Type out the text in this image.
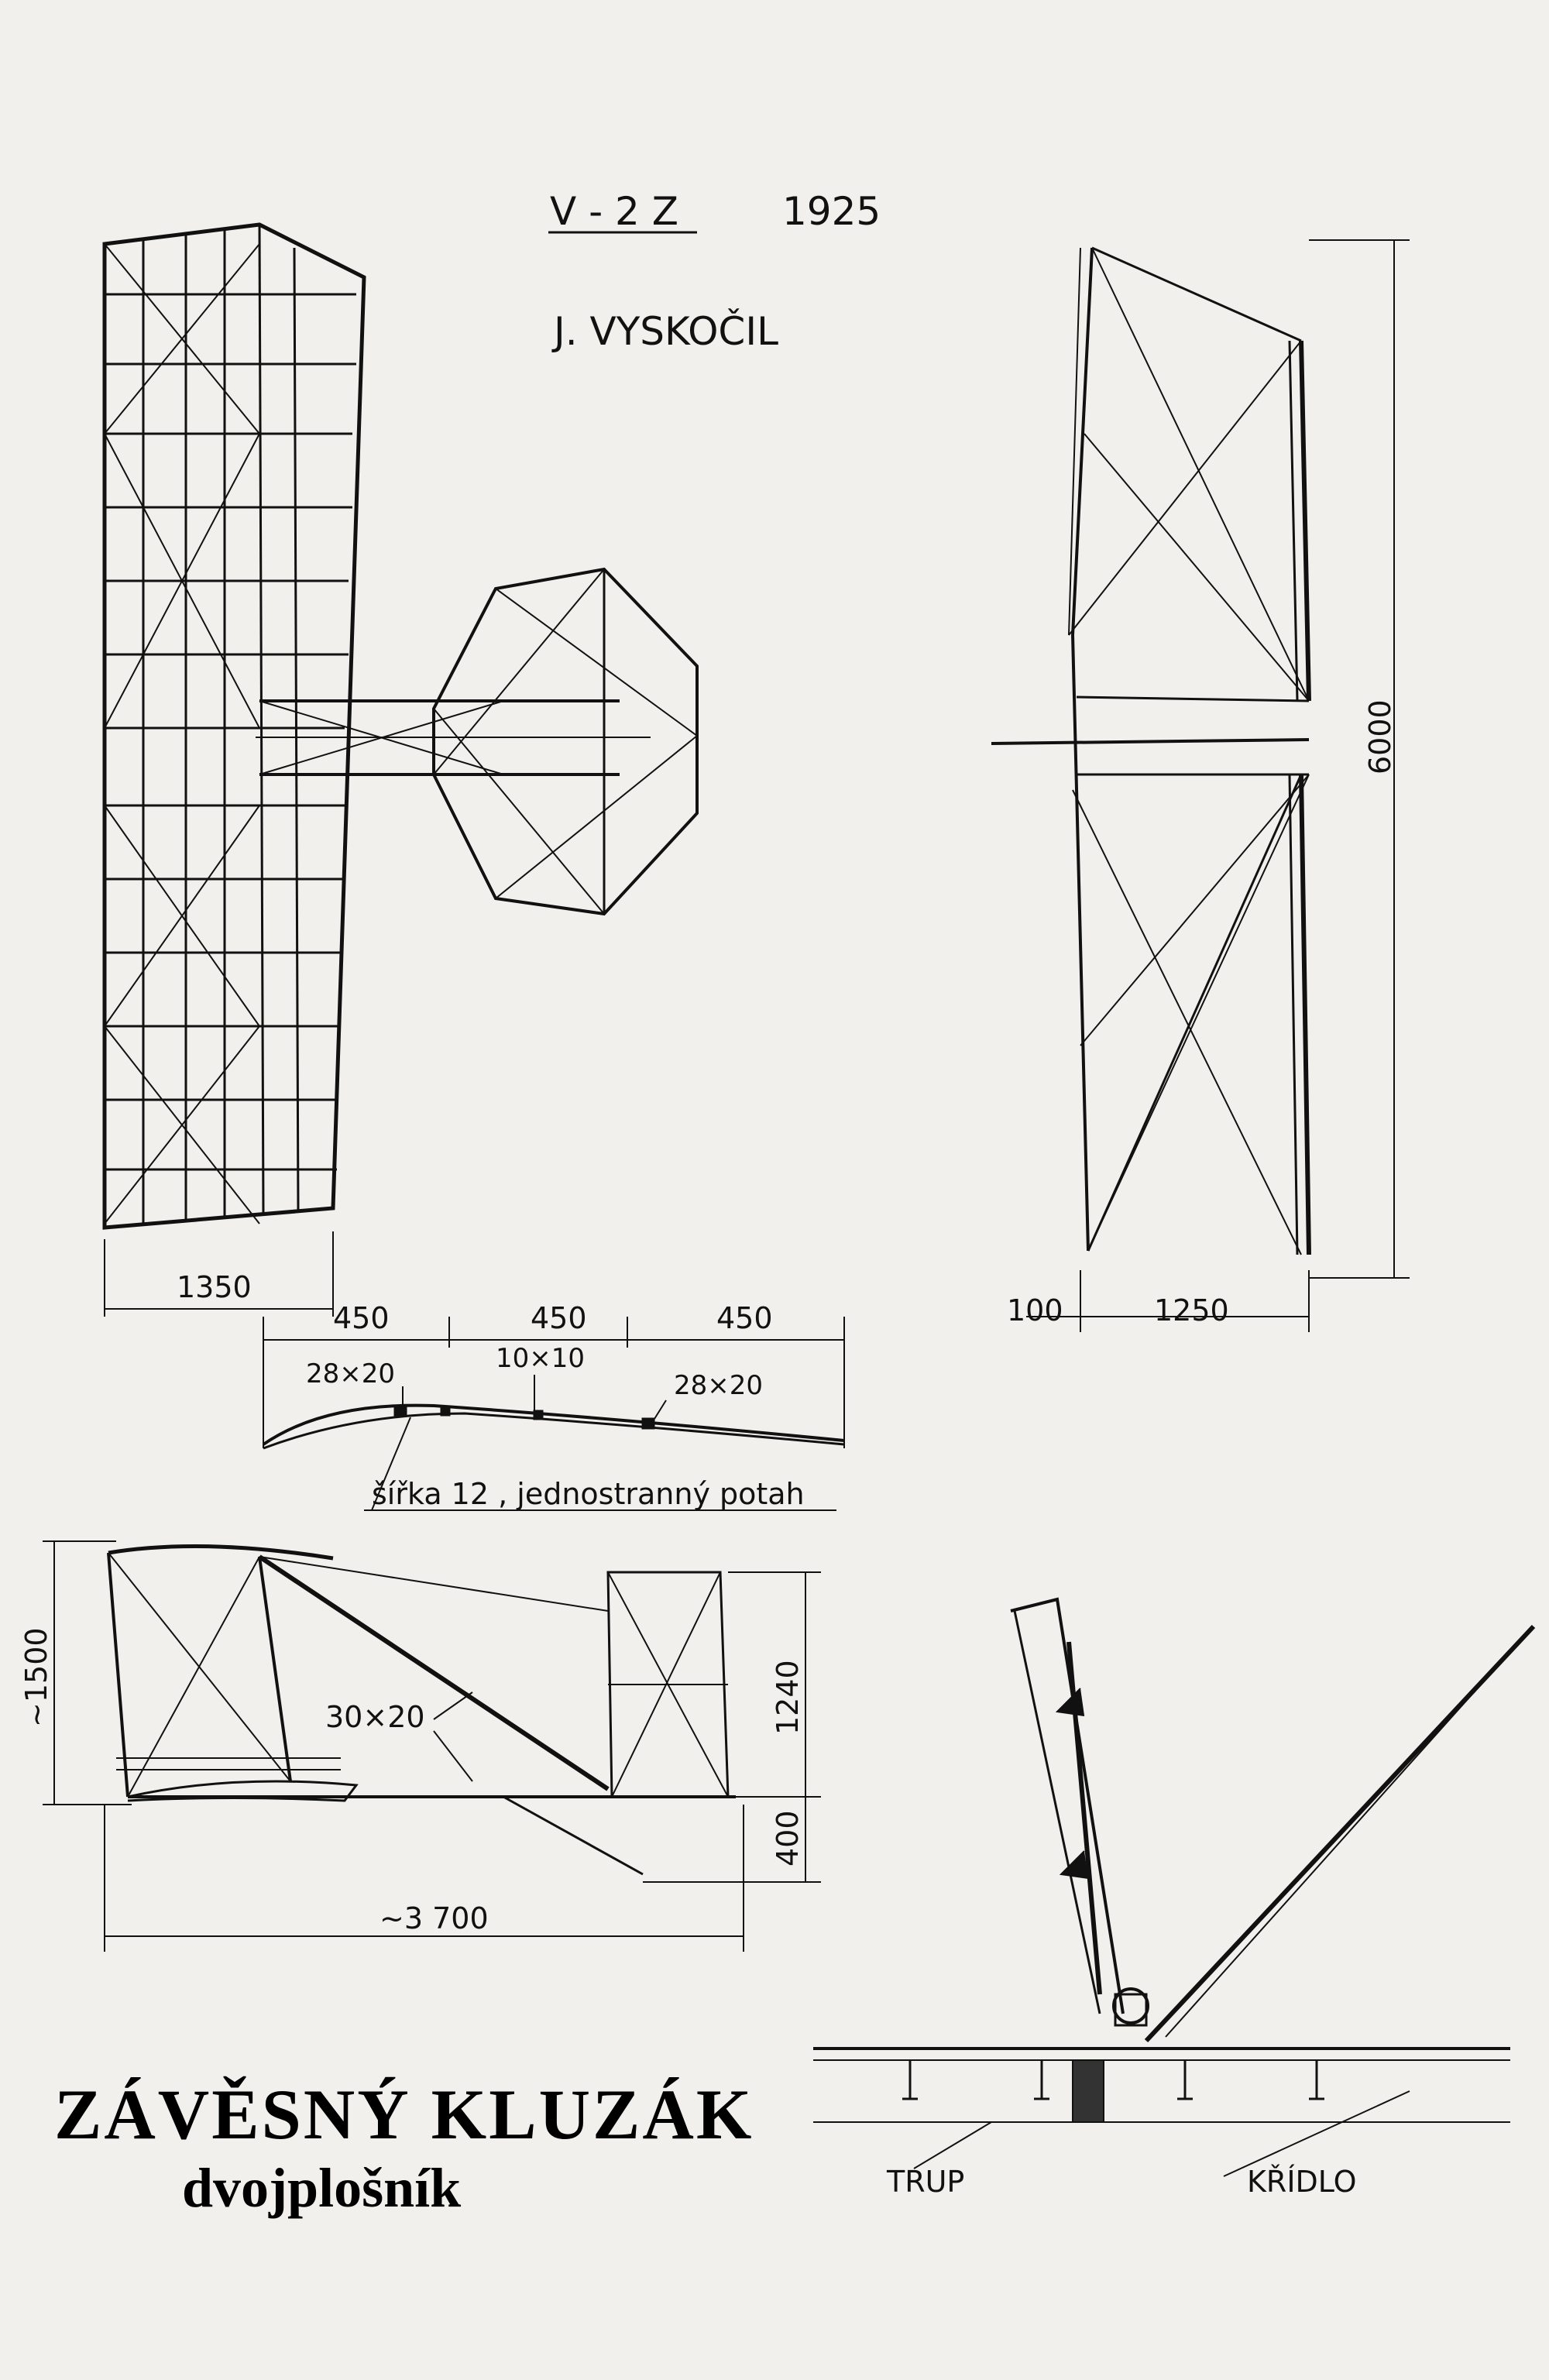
V - 2 Z	1925
J. VYSKOČIL
1350
6000
100	1250
450	450	450
28×20	10×10
28×20
šířka 12 , jednostranný potah
30×20
~1500	1240
400
~3 700
TRUP	KŘÍDLO
ZÁVĚSNÝ KLUZÁK
dvojplošník
